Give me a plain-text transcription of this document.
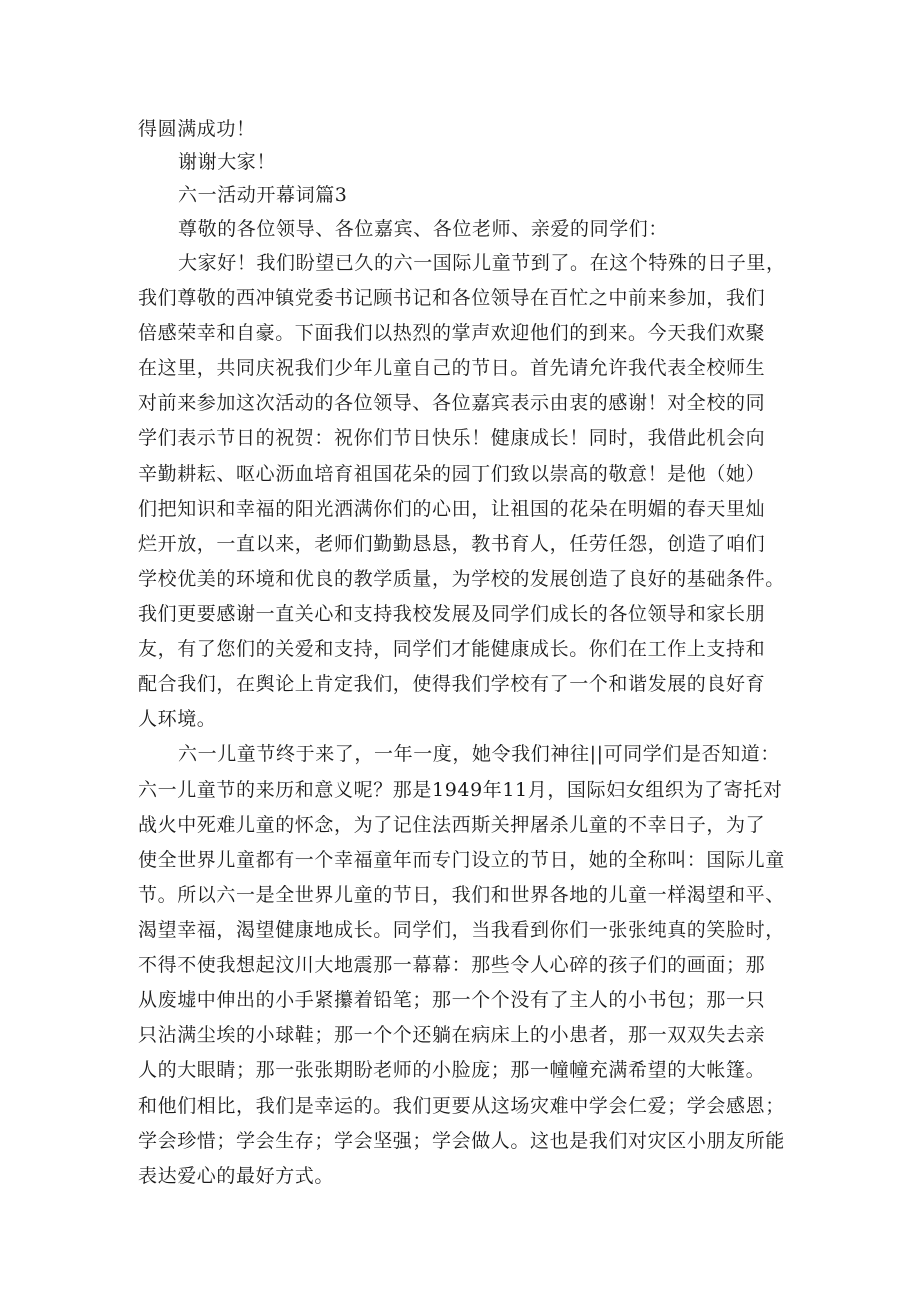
得圆满成功！
谢谢大家！
六一活动开幕词篇3
尊敬的各位领导、各位嘉宾、各位老师、亲爱的同学们：
大家好！我们盼望已久的六一国际儿童节到了。在这个特殊的日子里，
我们尊敬的西冲镇党委书记顾书记和各位领导在百忙之中前来参加，我们
倍感荣幸和自豪。下面我们以热烈的掌声欢迎他们的到来。今天我们欢聚
在这里，共同庆祝我们少年儿童自己的节日。首先请允许我代表全校师生
对前来参加这次活动的各位领导、各位嘉宾表示由衷的感谢！对全校的同
学们表示节日的祝贺：祝你们节日快乐！健康成长！同时，我借此机会向
辛勤耕耘、呕心沥血培育祖国花朵的园丁们致以崇高的敬意！是他（她）
们把知识和幸福的阳光洒满你们的心田，让祖国的花朵在明媚的春天里灿
烂开放，一直以来，老师们勤勤恳恳，教书育人，任劳任怨，创造了咱们
学校优美的环境和优良的教学质量，为学校的发展创造了良好的基础条件。
我们更要感谢一直关心和支持我校发展及同学们成长的各位领导和家长朋
友，有了您们的关爱和支持，同学们才能健康成长。你们在工作上支持和
配合我们，在舆论上肯定我们，使得我们学校有了一个和谐发展的良好育
人环境。
六一儿童节终于来了，一年一度，她令我们神往||可同学们是否知道：
六一儿童节的来历和意义呢？那是1949年11月，国际妇女组织为了寄托对
战火中死难儿童的怀念，为了记住法西斯关押屠杀儿童的不幸日子，为了
使全世界儿童都有一个幸福童年而专门设立的节日，她的全称叫：国际儿童
节。所以六一是全世界儿童的节日，我们和世界各地的儿童一样渴望和平、
渴望幸福，渴望健康地成长。同学们，当我看到你们一张张纯真的笑脸时，
不得不使我想起汶川大地震那一幕幕：那些令人心碎的孩子们的画面；那
从废墟中伸出的小手紧攥着铅笔；那一个个没有了主人的小书包；那一只
只沾满尘埃的小球鞋；那一个个还躺在病床上的小患者，那一双双失去亲
人的大眼睛；那一张张期盼老师的小脸庞；那一幢幢充满希望的大帐篷。
和他们相比，我们是幸运的。我们更要从这场灾难中学会仁爱；学会感恩；
学会珍惜；学会生存；学会坚强；学会做人。这也是我们对灾区小朋友所能
表达爱心的最好方式。
